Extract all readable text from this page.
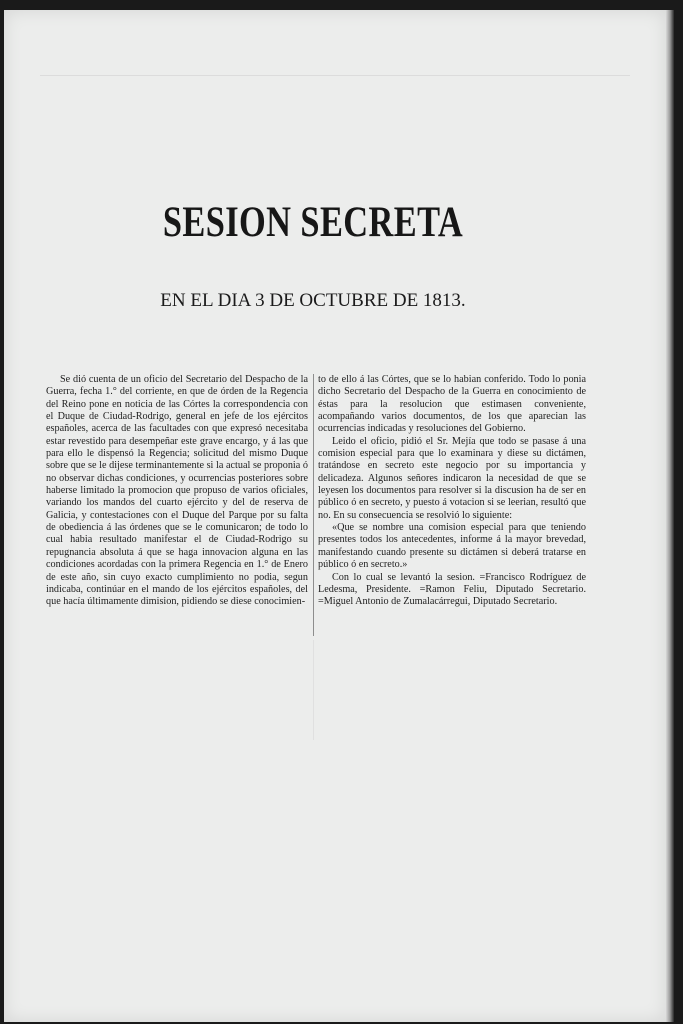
SESION SECRETA
EN EL DIA 3 DE OCTUBRE DE 1813.

Se dió cuenta de un oficio del Secretario del Despacho de la Guerra, fecha 1.° del corriente, en que de órden de la Regencia del Reino pone en noticia de las Córtes la correspondencia con el Duque de Ciudad-Rodrigo, general en jefe de los ejércitos españoles, acerca de las facultades con que expresó necesitaba estar revestido para desempeñar este grave encargo, y á las que para ello le dispensó la Regencia; solicitud del mismo Duque sobre que se le dijese terminantemente si la actual se proponia ó no observar dichas condiciones, y ocurrencias posteriores sobre haberse limitado la promocion que propuso de varios oficiales, variando los mandos del cuarto ejército y del de reserva de Galicia, y contestaciones con el Duque del Parque por su falta de obediencia á las órdenes que se le comunicaron; de todo lo cual habia resultado manifestar el de Ciudad-Rodrigo su repugnancia absoluta á que se haga innovacion alguna en las condiciones acordadas con la primera Regencia en 1.° de Enero de este año, sin cuyo exacto cumplimiento no podia, segun indicaba, continúar en el mando de los ejércitos españoles, del que hacía últimamente dimision, pidiendo se diese conocimien-

to de ello á las Córtes, que se lo habian conferido. Todo lo ponia dicho Secretario del Despacho de la Guerra en conocimiento de éstas para la resolucion que estimasen conveniente, acompañando varios documentos, de los que aparecian las ocurrencias indicadas y resoluciones del Gobierno.

Leido el oficio, pidió el Sr. Mejía que todo se pasase á una comision especial para que lo examinara y diese su dictámen, tratándose en secreto este negocio por su importancia y delicadeza. Algunos señores indicaron la necesidad de que se leyesen los documentos para resolver si la discusion ha de ser en público ó en secreto, y puesto á votacion si se leerian, resultó que no. En su consecuencia se resolvió lo siguiente:

«Que se nombre una comision especial para que teniendo presentes todos los antecedentes, informe á la mayor brevedad, manifestando cuando presente su dictámen si deberá tratarse en público ó en secreto.»

Con lo cual se levantó la sesion. =Francisco Rodríguez de Ledesma, Presidente. =Ramon Feliu, Diputado Secretario. =Miguel Antonio de Zumalacárregui, Diputado Secretario.
